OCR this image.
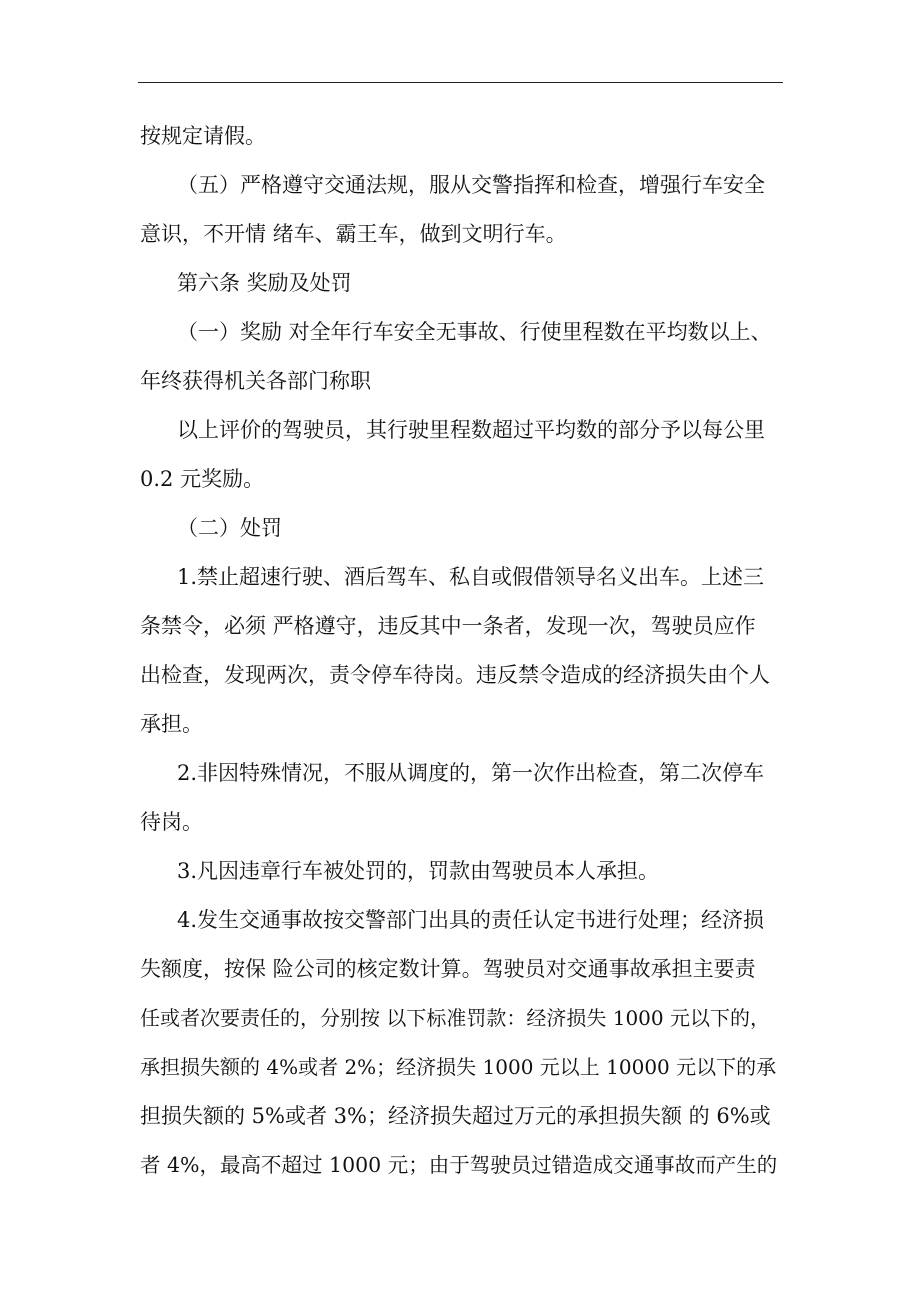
按规定请假。
（五）严格遵守交通法规，服从交警指挥和检查，增强行车安全
意识，不开情 绪车、霸王车，做到文明行车。
第六条 奖励及处罚
（一）奖励 对全年行车安全无事故、行使里程数在平均数以上、
年终获得机关各部门称职
以上评价的驾驶员，其行驶里程数超过平均数的部分予以每公里
0.2 元奖励。
（二）处罚
1.禁止超速行驶、酒后驾车、私自或假借领导名义出车。上述三
条禁令，必须 严格遵守，违反其中一条者，发现一次，驾驶员应作
出检查，发现两次，责令停车待岗。违反禁令造成的经济损失由个人
承担。
2.非因特殊情况，不服从调度的，第一次作出检查，第二次停车
待岗。
3.凡因违章行车被处罚的，罚款由驾驶员本人承担。
4.发生交通事故按交警部门出具的责任认定书进行处理；经济损
失额度，按保 险公司的核定数计算。驾驶员对交通事故承担主要责
任或者次要责任的，分别按 以下标准罚款：经济损失 1000 元以下的，
承担损失额的 4%或者 2%；经济损失 1000 元以上 10000 元以下的承
担损失额的 5%或者 3%；经济损失超过万元的承担损失额 的 6%或
者 4%，最高不超过 1000 元；由于驾驶员过错造成交通事故而产生的
